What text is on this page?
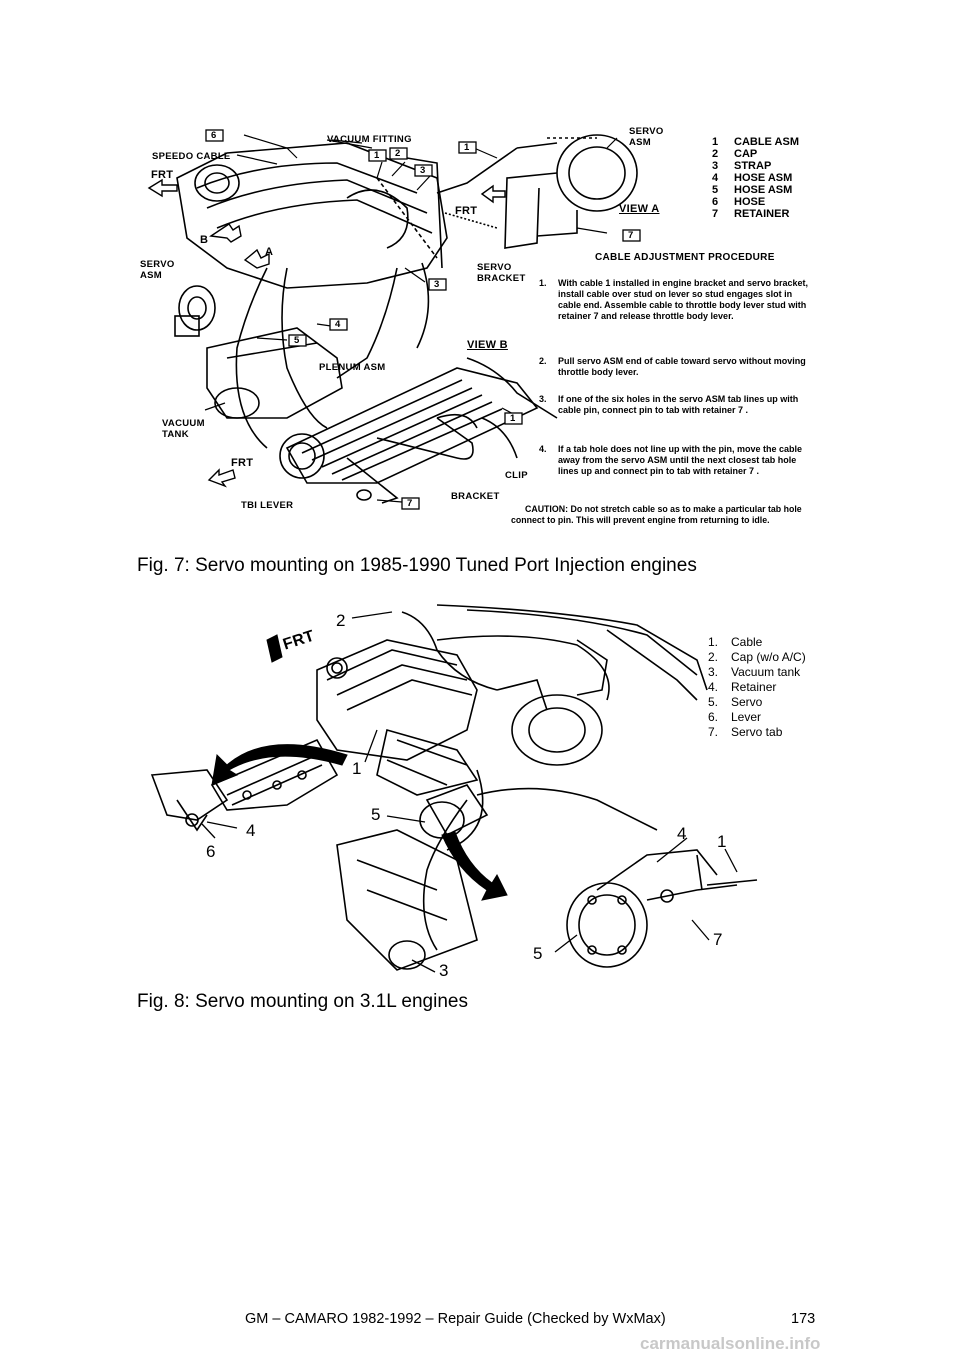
6
1 2
3
1
3
4
5
7
1
7
VACUUM FITTING
SPEEDO CABLE
FRT
B
A
FRT
SERVO
ASM
VIEW A
SERVO
ASM
SERVO
BRACKET
PLENUM ASM
VIEW B
VACUUM
TANK
FRT
CLIP
BRACKET
TBI LEVER
1 CABLE ASM
2 CAP
3 STRAP
4 HOSE ASM
5 HOSE ASM
6 HOSE
7 RETAINER
CABLE ADJUSTMENT PROCEDURE
1.	With cable 1 installed in engine bracket and servo bracket, install cable over stud on lever so stud engages slot in cable end. Assemble cable to throttle body lever stud with retainer 7 and release throttle body lever.
2.	Pull servo ASM end of cable toward servo without moving throttle body lever.
3.	If one of the six holes in the servo ASM tab lines up with cable pin, connect pin to tab with retainer 7 .
4.	If a tab hole does not line up with the pin, move the cable away from the servo ASM until the next closest tab hole lines up and connect pin to tab with retainer 7 .
CAUTION: Do not stretch cable so as to make a particular tab hole connect to pin. This will prevent engine from returning to idle.
Fig. 7: Servo mounting on 1985-1990 Tuned Port Injection engines
FRT
2
1
4
6
5
3
4 1
7
5
1. Cable
2. Cap (w/o A/C)
3. Vacuum tank
4. Retainer
5. Servo
6. Lever
7. Servo tab
Fig. 8: Servo mounting on 3.1L engines
GM – CAMARO 1982-1992 – Repair Guide (Checked by WxMax)	173
carmanualsonline.info
